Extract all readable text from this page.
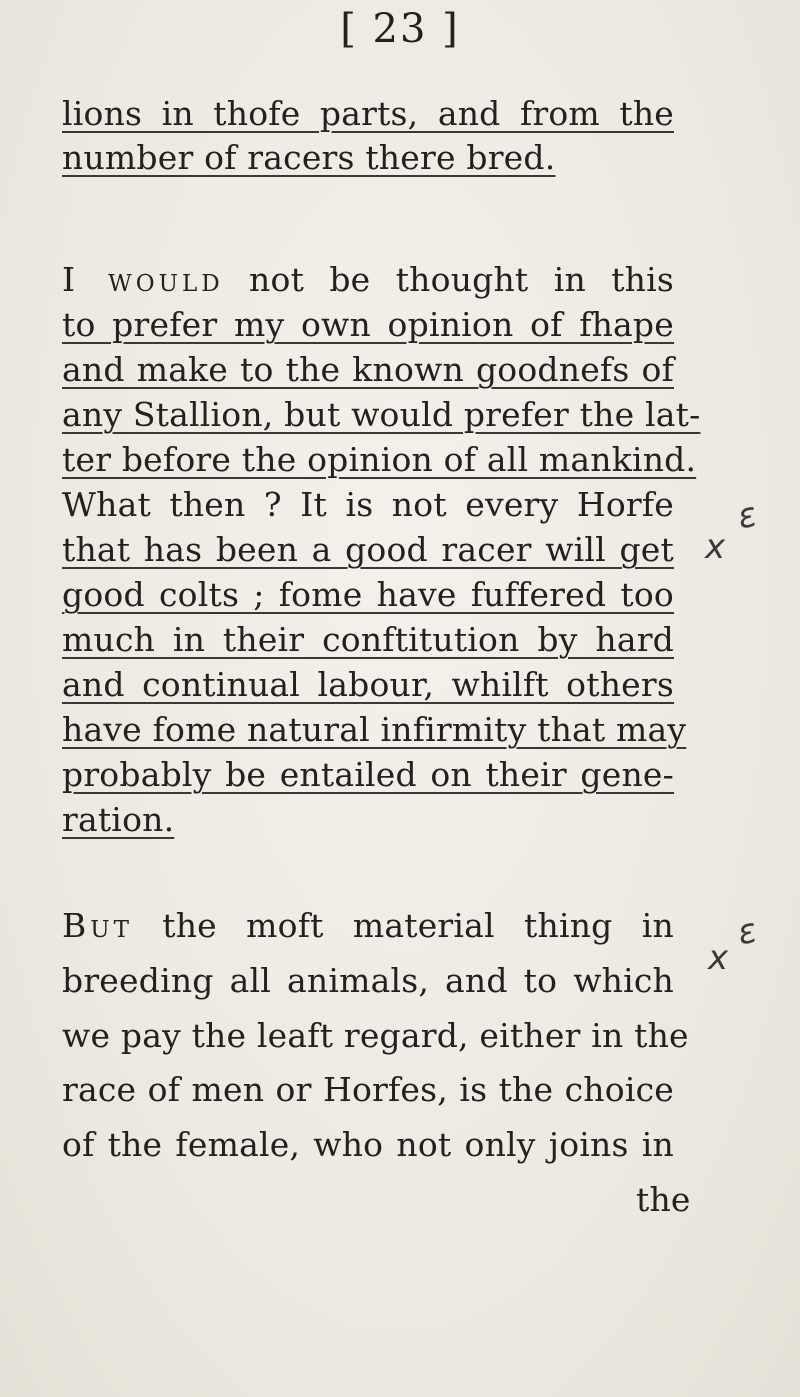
[ 23 ]
lions in thofe parts, and from the
number of racers there bred.
I would not be thought in this
to prefer my own opinion of fhape
and make to the known goodnefs of
any Stallion, but would prefer the lat-
ter before the opinion of all mankind.
What then ? It is not every Horfe
that has been a good racer will get
good colts ; fome have fuffered too
much in their conftitution by hard
and continual labour, whilft others
have fome natural infirmity that may
probably be entailed on their gene-
ration.
But the moft material thing in
breeding all animals, and to which
we pay the leaft regard, either in the
race of men or Horfes, is the choice
of the female, who not only joins in
the
x
ɛ
x
ɛ
